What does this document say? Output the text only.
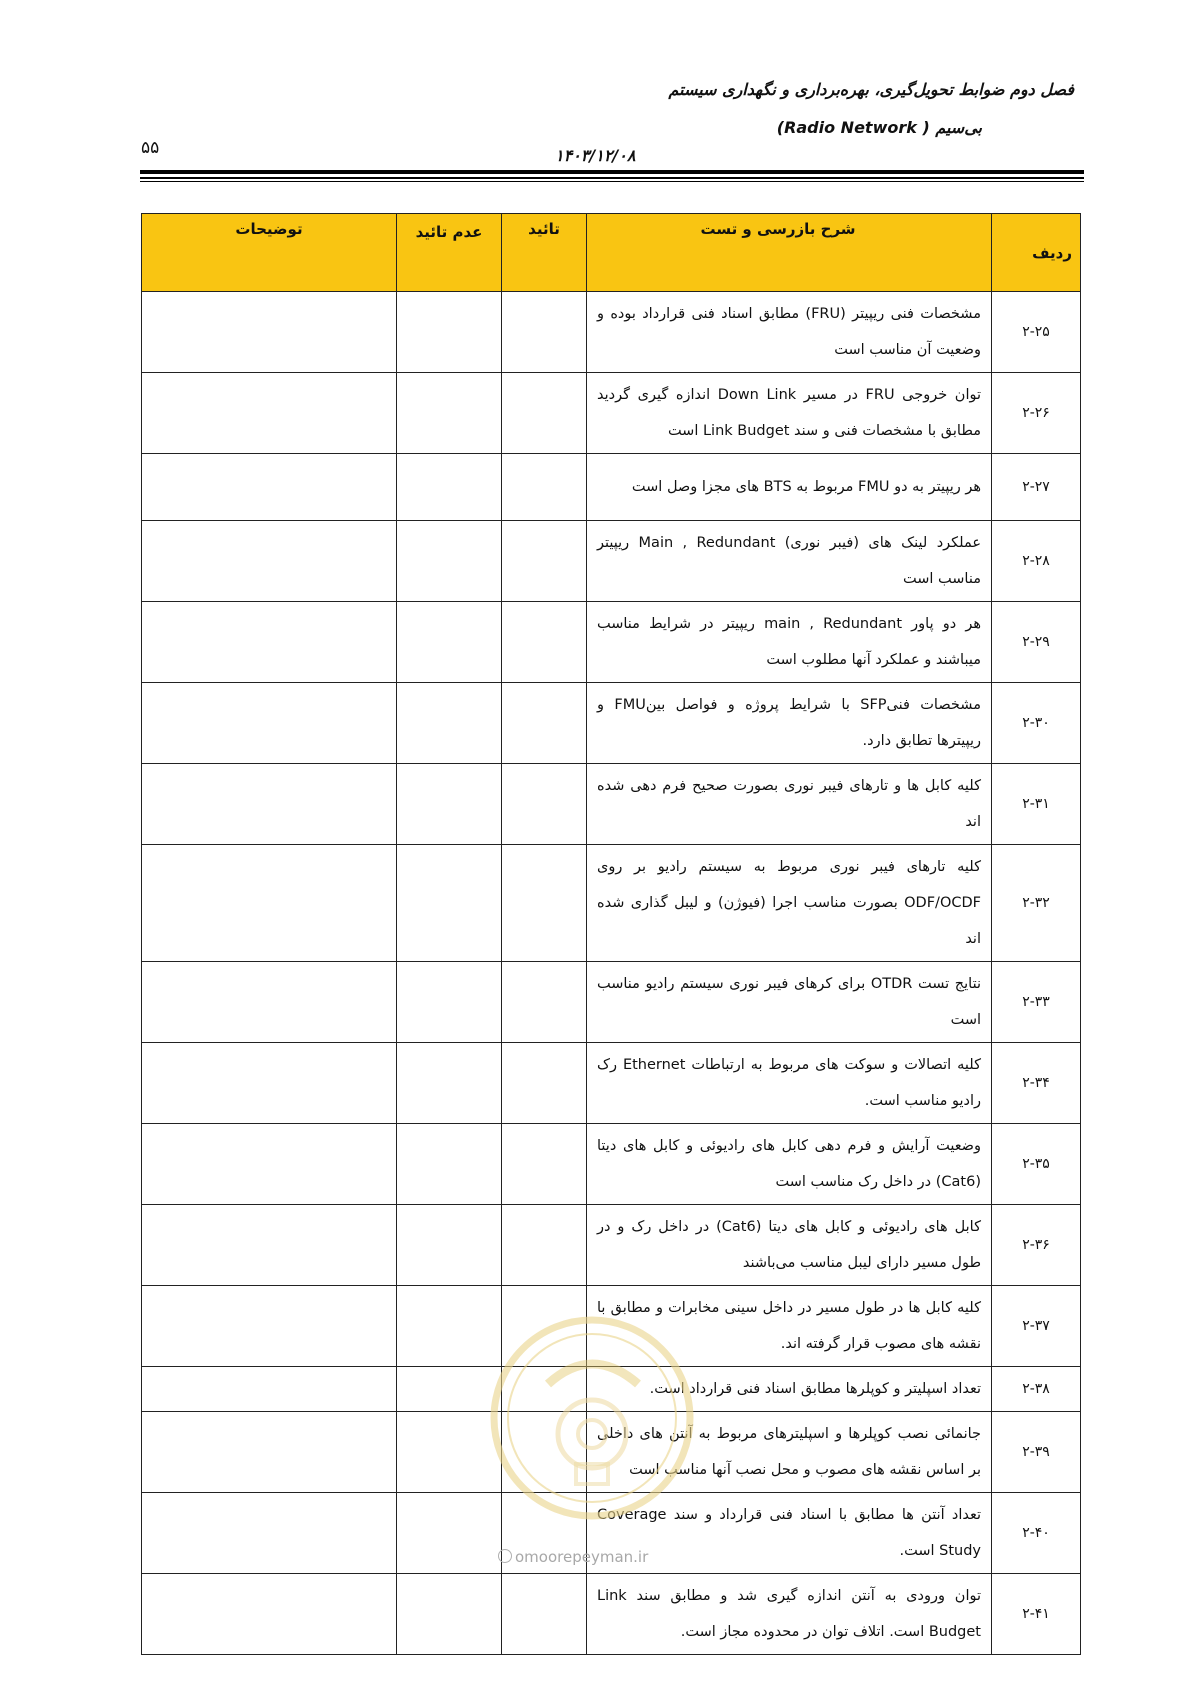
فصل دوم ضوابط تحویل‌گیری، بهره‌برداری و نگهداری سیستم
بی‌سیم ( Radio Network)
۱۴۰۳/۱۲/۰۸
۵۵
ردیف	شرح بازرسی و تست	تائید	عدم تائید	توضیحات
۲-۲۵	مشخصات فنی ریپیتر (FRU) مطابق اسناد فنی قرارداد بوده و وضعیت آن مناسب است			
۲-۲۶	توان خروجی FRU در مسیر Down Link اندازه گیری گردید مطابق با مشخصات فنی و سند Link Budget است			
۲-۲۷	هر ریپیتر به دو FMU مربوط به BTS های مجزا وصل است			
۲-۲۸	عملکرد لینک های (فیبر نوری) Main , Redundant ریپیتر مناسب است			
۲-۲۹	هر دو پاور main , Redundant ریپیتر در شرایط مناسب میباشند و عملکرد آنها مطلوب است			
۲-۳۰	مشخصات فنیSFP با شرایط پروژه و فواصل بینFMU و ریپیترها تطابق دارد.			
۲-۳۱	کلیه کابل ها و تارهای فیبر نوری بصورت صحیح فرم دهی شده اند			
۲-۳۲	کلیه تارهای فیبر نوری مربوط به سیستم رادیو بر روی ODF/OCDF بصورت مناسب اجرا (فیوژن) و لیبل گذاری شده اند			
۲-۳۳	نتایج تست OTDR برای کرهای فیبر نوری سیستم رادیو مناسب است			
۲-۳۴	کلیه اتصالات و سوکت های مربوط به ارتباطات Ethernet رک رادیو مناسب است.			
۲-۳۵	وضعیت آرایش و فرم دهی کابل های رادیوئی و کابل های دیتا (Cat6) در داخل رک مناسب است			
۲-۳۶	کابل های رادیوئی و کابل های دیتا (Cat6) در داخل رک و در طول مسیر دارای لیبل مناسب می‌باشند			
۲-۳۷	کلیه کابل ها در طول مسیر در داخل سینی مخابرات و مطابق با نقشه های مصوب قرار گرفته اند.			
۲-۳۸	تعداد اسپلیتر و کوپلرها مطابق اسناد فنی قرارداد است.			
۲-۳۹	جانمائی نصب کوپلرها و اسپلیترهای مربوط به آنتن های داخلی بر اساس نقشه های مصوب و محل نصب آنها مناسب است			
۲-۴۰	تعداد آنتن ها مطابق با اسناد فنی قرارداد و سند Coverage Study است.			
۲-۴۱	توان ورودی به آنتن اندازه گیری شد و مطابق سند Link Budget است. اتلاف توان در محدوده مجاز است.			
omoorepeyman.ir
